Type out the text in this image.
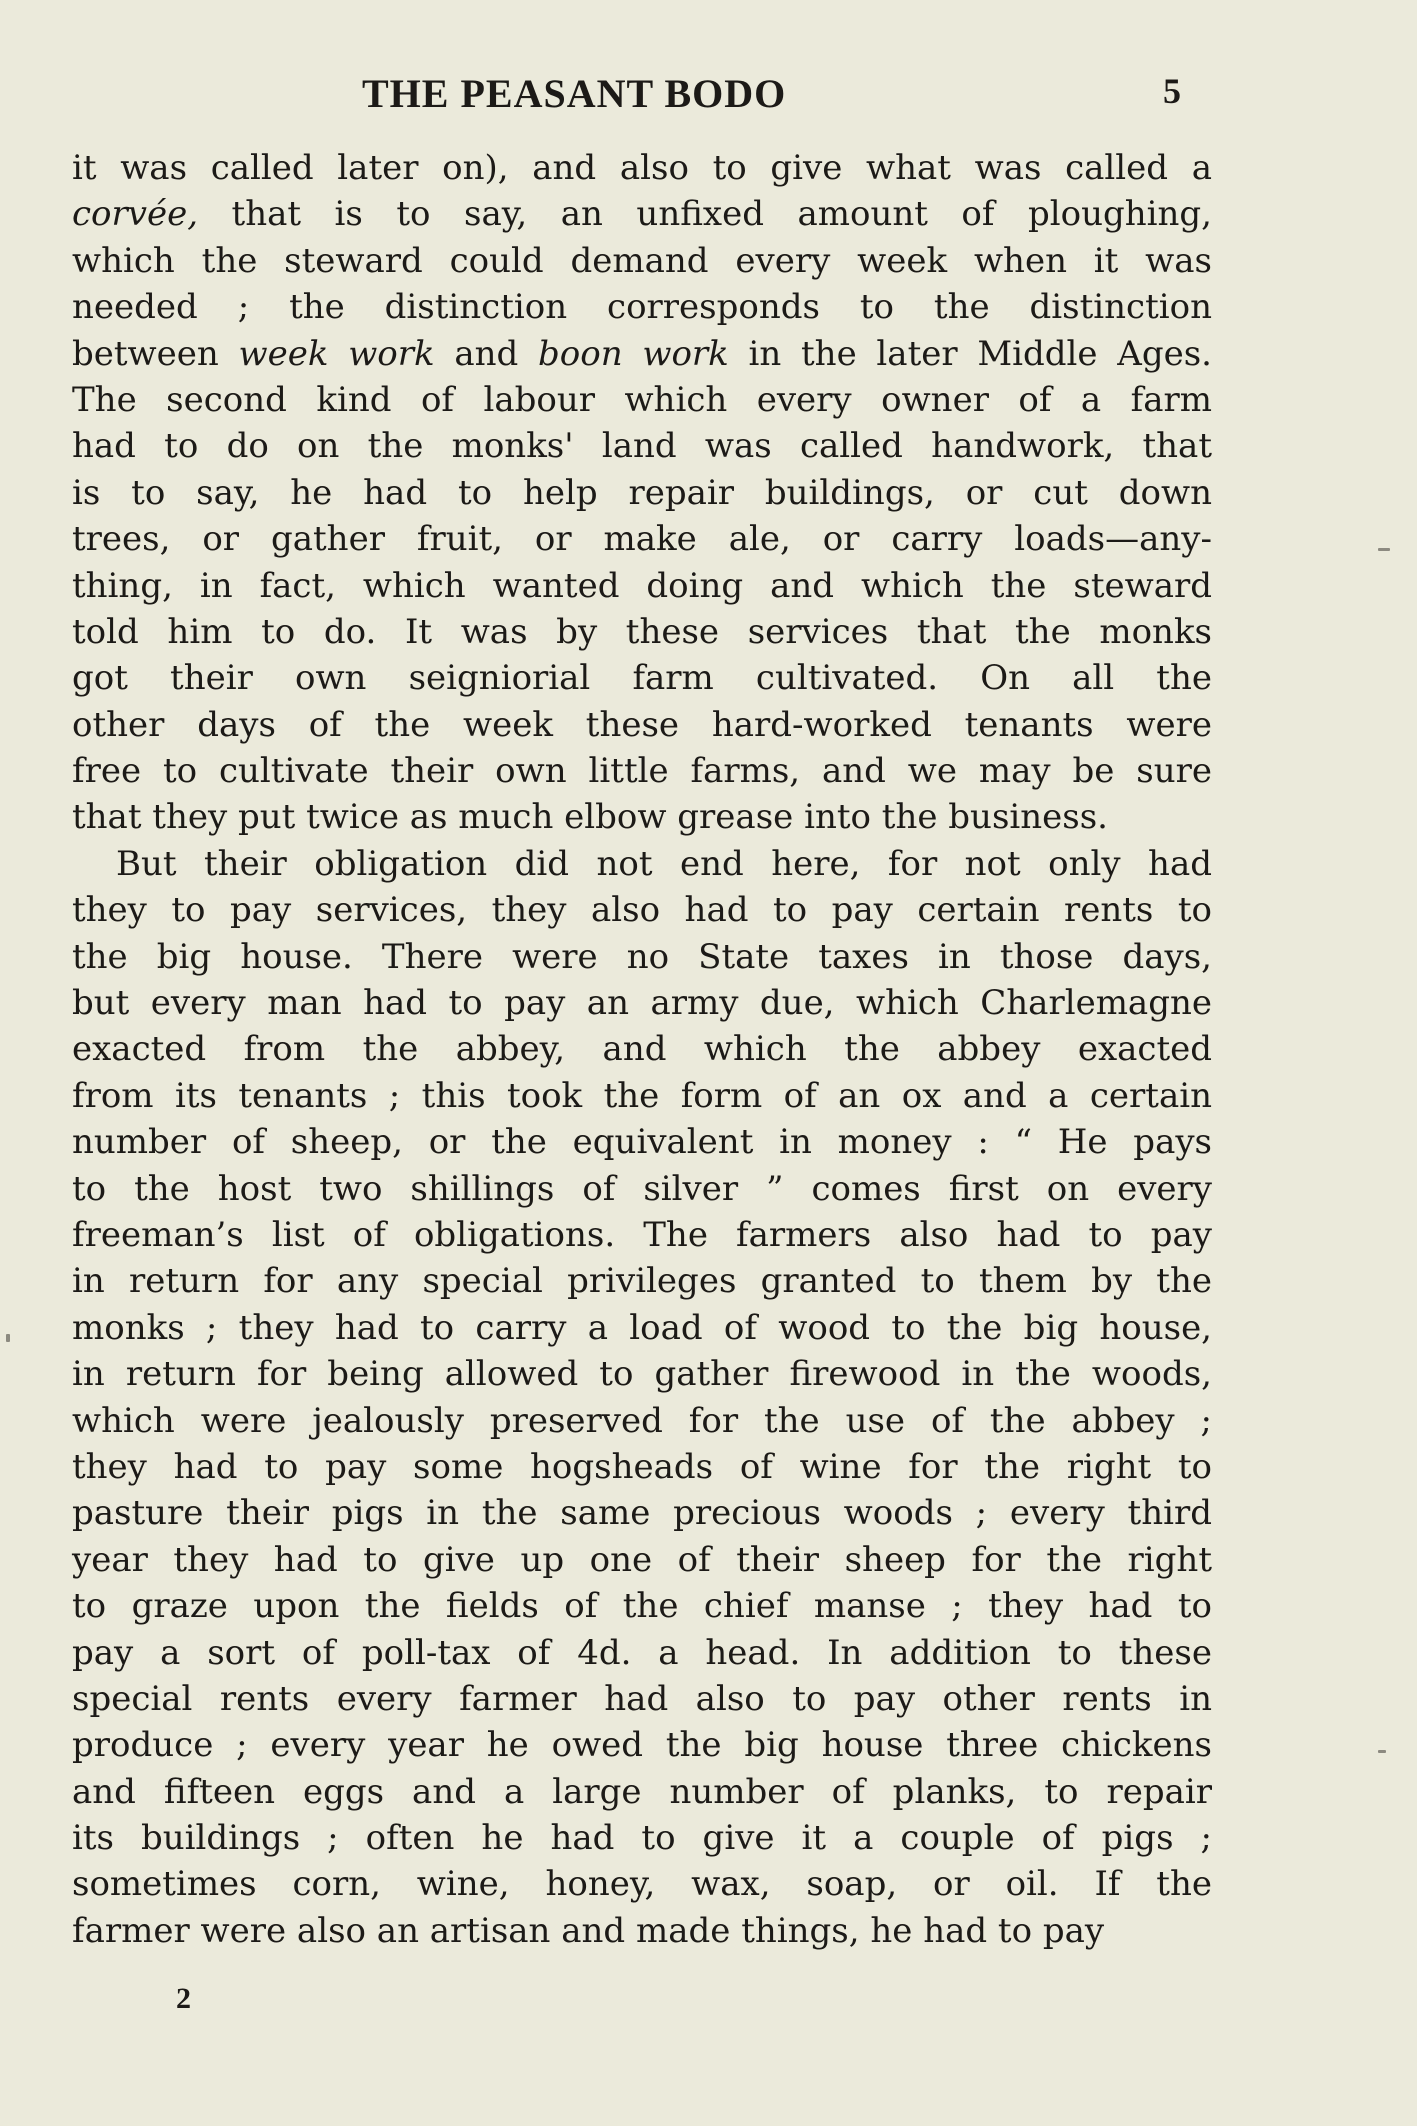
THE PEASANT BODO	5
it was called later on), and also to give what was called a
corvée, that is to say, an unfixed amount of ploughing,
which the steward could demand every week when it was
needed ; the distinction corresponds to the distinction
between week work and boon work in the later Middle Ages.
The second kind of labour which every owner of a farm
had to do on the monks' land was called handwork, that
is to say, he had to help repair buildings, or cut down
trees, or gather fruit, or make ale, or carry loads—any-
thing, in fact, which wanted doing and which the steward
told him to do. It was by these services that the monks
got their own seigniorial farm cultivated. On all the
other days of the week these hard-worked tenants were
free to cultivate their own little farms, and we may be sure
that they put twice as much elbow grease into the business.
But their obligation did not end here, for not only had
they to pay services, they also had to pay certain rents to
the big house. There were no State taxes in those days,
but every man had to pay an army due, which Charlemagne
exacted from the abbey, and which the abbey exacted
from its tenants ; this took the form of an ox and a certain
number of sheep, or the equivalent in money : “ He pays
to the host two shillings of silver ” comes first on every
freeman’s list of obligations. The farmers also had to pay
in return for any special privileges granted to them by the
monks ; they had to carry a load of wood to the big house,
in return for being allowed to gather firewood in the woods,
which were jealously preserved for the use of the abbey ;
they had to pay some hogsheads of wine for the right to
pasture their pigs in the same precious woods ; every third
year they had to give up one of their sheep for the right
to graze upon the fields of the chief manse ; they had to
pay a sort of poll-tax of 4d. a head. In addition to these
special rents every farmer had also to pay other rents in
produce ; every year he owed the big house three chickens
and fifteen eggs and a large number of planks, to repair
its buildings ; often he had to give it a couple of pigs ;
sometimes corn, wine, honey, wax, soap, or oil. If the
farmer were also an artisan and made things, he had to pay
2
